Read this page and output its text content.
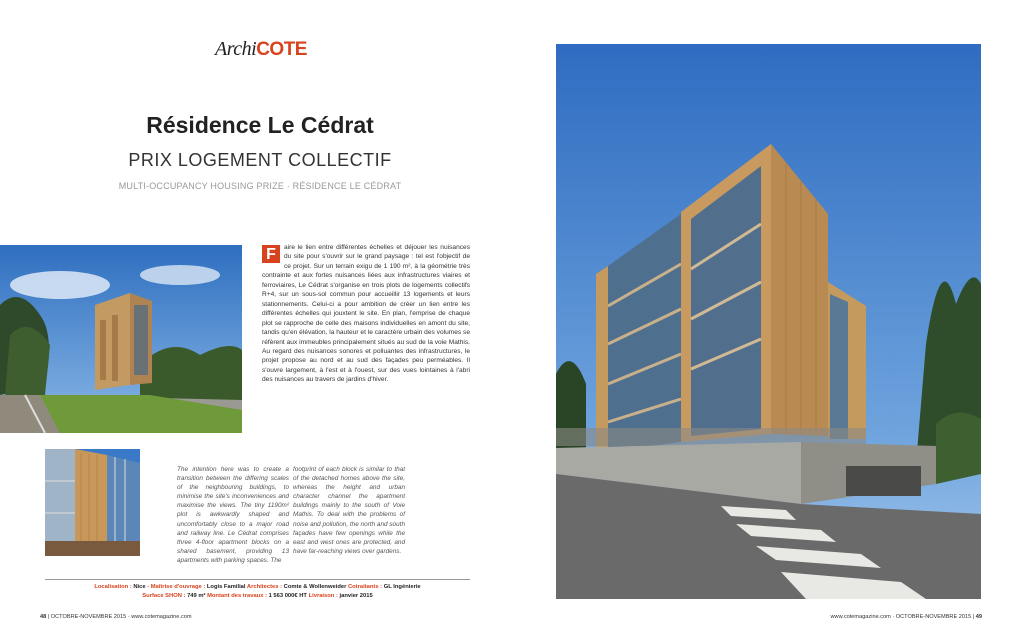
ArchiCOTE
Résidence Le Cédrat
PRIX LOGEMENT COLLECTIF
MULTI-OCCUPANCY HOUSING PRIZE · RÉSIDENCE LE CÉDRAT
F	aire le lien entre différentes échelles et déjouer les nuisances du site pour s'ouvrir sur le grand paysage : tel est l'objectif de ce projet. Sur un terrain exigu de 1 190 m², à la géométrie très contrainte et aux fortes nuisances liées aux infrastructures viaires et ferroviaires, Le Cédrat s'organise en trois plots de logements collectifs R+4, sur un sous-sol commun pour accueillir 13 logements et leurs stationnements. Celui-ci a pour ambition de créer un lien entre les différentes échelles qui jouxtent le site. En plan, l'emprise de chaque plot se rapproche de celle des maisons individuelles en amont du site, tandis qu'en élévation, la hauteur et le caractère urbain des volumes se réfèrent aux immeubles principalement situés au sud de la voie Mathis. Au regard des nuisances sonores et polluantes des infrastructures, le projet propose au nord et au sud des façades peu perméables. Il s'ouvre largement, à l'est et à l'ouest, sur des vues lointaines à l'abri des nuisances au travers de jardins d'hiver.
The intention here was to create a transition between the differing scales of the neighbouring buildings, to minimise the site's inconveniences and maximise the views. The tiny 1190m² plot is awkwardly shaped and uncomfortably close to a major road and railway line. Le Cédrat comprises three 4-floor apartment blocks on a shared basement, providing 13 apartments with parking spaces. The
footprint of each block is similar to that of the detached homes above the site, whereas the height and urban character channel the apartment buildings mainly to the south of Voie Mathis. To deal with the problems of noise and pollution, the north and south façades have few openings while the east and west ones are protected, and have far-reaching views over gardens.
Localisation : Nice - Maîtrise d'ouvrage : Logis Familial Architectes : Comte & Wollenweider Cotraitants : GL Ingénierie
Surface SHON : 749 m² Montant des travaux : 1 563 000€ HT Livraison : janvier 2015
48 | OCTOBRE-NOVEMBRE 2015 · www.cotemagazine.com	www.cotemagazine.com · OCTOBRE-NOVEMBRE 2015 | 49
